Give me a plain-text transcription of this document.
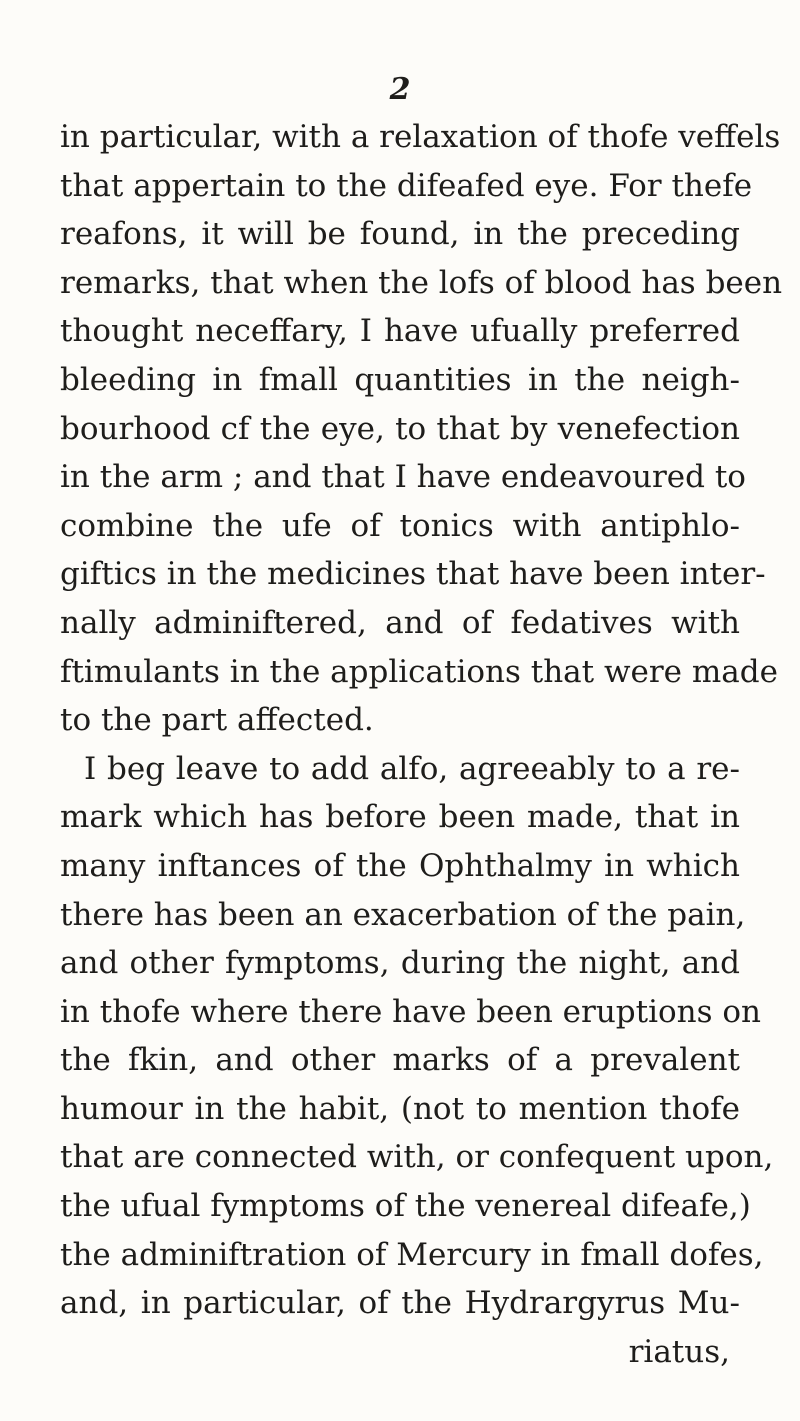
2
in particular, with a relaxation of thofe veffels
that appertain to the difeafed eye. For thefe
reafons, it will be found, in the preceding
remarks, that when the lofs of blood has been
thought neceffary, I have ufually preferred
bleeding in fmall quantities in the neigh-
bourhood cf the eye, to that by venefection
in the arm ; and that I have endeavoured to
combine the ufe of tonics with antiphlo-
giftics in the medicines that have been inter-
nally adminiftered, and of fedatives with
ftimulants in the applications that were made
to the part affected.
I beg leave to add alfo, agreeably to a re-
mark which has before been made, that in
many inftances of the Ophthalmy in which
there has been an exacerbation of the pain,
and other fymptoms, during the night, and
in thofe where there have been eruptions on
the fkin, and other marks of a prevalent
humour in the habit, (not to mention thofe
that are connected with, or confequent upon,
the ufual fymptoms of the venereal difeafe,)
the adminiftration of Mercury in fmall dofes,
and, in particular, of the Hydrargyrus Mu-
riatus,
